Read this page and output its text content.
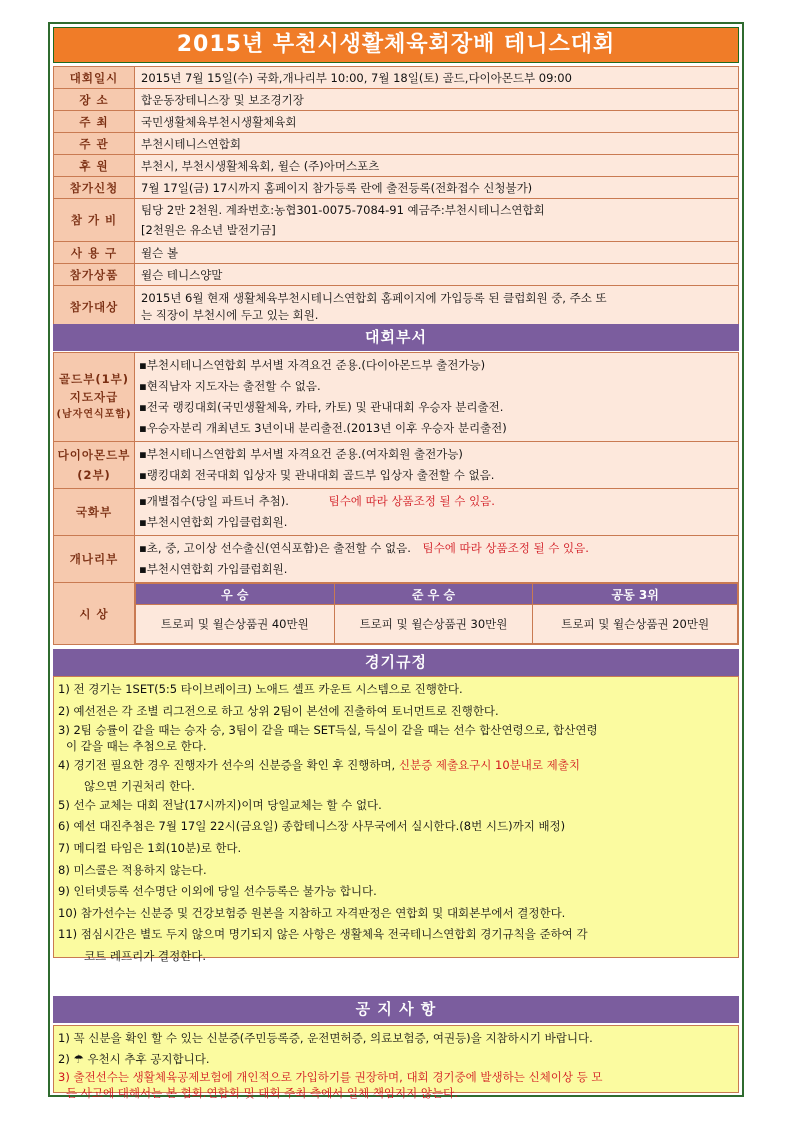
2015년 부천시생활체육회장배 테니스대회
대회일시	2015년 7월 15일(수) 국화,개나리부 10:00, 7월 18일(토) 골드,다이아몬드부 09:00
장 소	합운동장테니스장 및 보조경기장
주 최	국민생활체육부천시생활체육회
주 관	부천시테니스연합회
후 원	부천시, 부천시생활체육회, 윌슨 (주)아머스포츠
참가신청	7월 17일(금) 17시까지 홈페이지 참가등록 란에 출전등록(전화접수 신청불가)
참 가 비	팀당 2만 2천원. 계좌번호:농협301-0075-7084-91 예금주:부천시테니스연합회
[2천원은 유소년 발전기금]

사 용 구	윌슨 볼
참가상품	윌슨 테니스양말
참가대상	2015년 6월 현재 생활체육부천시테니스연합회 홈페이지에 가입등록 된 클럽회원 중, 주소 또
는 직장이 부천시에 두고 있는 회원.
대회부서
골드부(1부)
지도자급
(남자연식포함)

▪부천시테니스연합회 부서별 자격요건 준용.(다이아몬드부 출전가능)
▪현직남자 지도자는 출전할 수 없음.
▪전국 랭킹대회(국민생활체육, 카타, 카토) 및 관내대회 우승자 분리출전.
▪우승자분리 개최년도 3년이내 분리출전.(2013년 이후 우승자 분리출전)

다이아몬드부
(2부)

▪부천시테니스연합회 부서별 자격요건 준용.(여자회원 출전가능)
▪랭킹대회 전국대회 입상자 및 관내대회 골드부 입상자 출전할 수 없음.

국화부	
▪개별접수(당일 파트너 추첨).	팀수에 따라 상품조정 될 수 있음.
▪부천시연합회 가입클럽회원.

개나리부	
▪초, 중, 고이상 선수출신(연식포함)은 출전할 수 없음. 팀수에 따라 상품조정 될 수 있음.
▪부천시연합회 가입클럽회원.

시 상	
우 승	준 우 승	공동 3위
트로피 및 윌슨상품권 40만원	트로피 및 윌슨상품권 30만원	트로피 및 윌슨상품권 20만원
경기규정
1) 전 경기는 1SET(5:5 타이브레이크) 노애드 셀프 카운트 시스템으로 진행한다.
2) 예선전은 각 조별 리그전으로 하고 상위 2팀이 본선에 진출하여 토너먼트로 진행한다.
3) 2팀 승률이 같을 때는 승자 승, 3팀이 같을 때는 SET득실, 득실이 같을 때는 선수 합산연령으로, 합산연령
이 같을 때는 추첨으로 한다.
4) 경기전 필요한 경우 진행자가 선수의 신분증을 확인 후 진행하며, 신분증 제출요구시 10분내로 제출치
않으면 기권처리 한다.
5) 선수 교체는 대회 전날(17시까지)이며 당일교체는 할 수 없다.
6) 예선 대진추첨은 7월 17일 22시(금요일) 종합테니스장 사무국에서 실시한다.(8번 시드)까지 배정)
7) 메디컬 타임은 1회(10분)로 한다.
8) 미스콜은 적용하지 않는다.
9) 인터넷등록 선수명단 이외에 당일 선수등록은 불가능 합니다.
10) 참가선수는 신분증 및 건강보험증 원본을 지참하고 자격판정은 연합회 및 대회본부에서 결정한다.
11) 점심시간은 별도 두지 않으며 명기되지 않은 사항은 생활체육 전국테니스연합회 경기규칙을 준하여 각
코트 레프리가 결정한다.
공 지 사 항
1) 꼭 신분을 확인 할 수 있는 신분증(주민등록증, 운전면허증, 의료보험증, 여권등)을 지참하시기 바랍니다.
2) ☂ 우천시 추후 공지합니다.
3) 출전선수는 생활체육공제보험에 개인적으로 가입하기를 권장하며, 대회 경기중에 발생하는 신체이상 등 모
든 사고에 대해서는 본 협회.연합회 및 대회 주최 측에서 일체 책임지지 않는다.
